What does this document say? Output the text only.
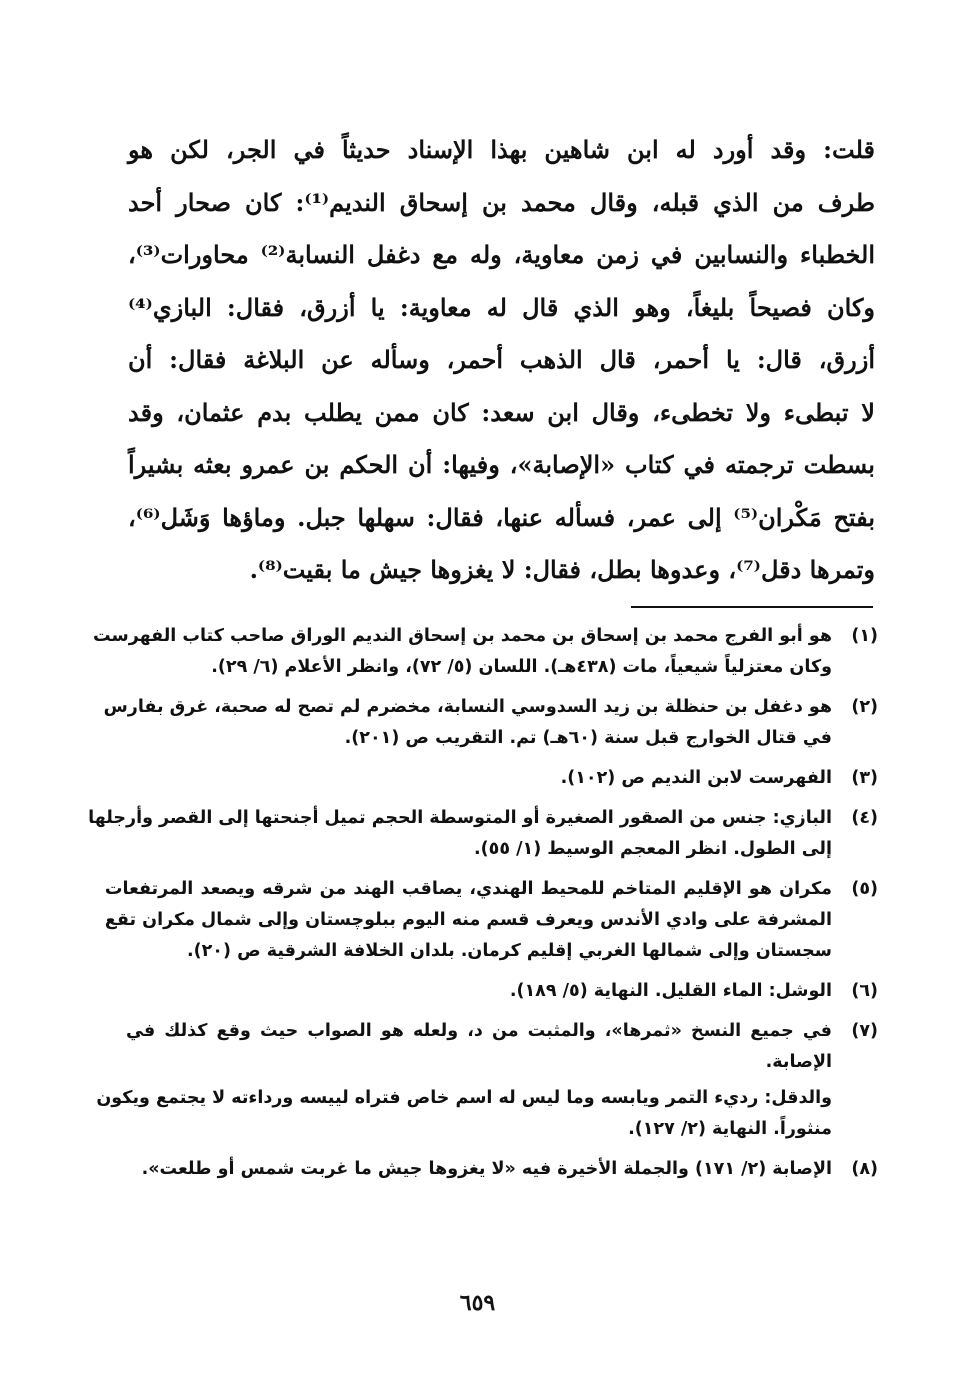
قلت: وقد أورد له ابن شاهين بهذا الإسناد حديثاً في الجر، لكن هو
طرف من الذي قبله، وقال محمد بن إسحاق النديم⁽¹⁾: كان صحار أحد
الخطباء والنسابين في زمن معاوية، وله مع دغفل النسابة⁽²⁾ محاورات⁽³⁾،
وكان فصيحاً بليغاً، وهو الذي قال له معاوية: يا أزرق، فقال: البازي⁽⁴⁾
أزرق، قال: يا أحمر، قال الذهب أحمر، وسأله عن البلاغة فقال: أن
لا تبطىء ولا تخطىء، وقال ابن سعد: كان ممن يطلب بدم عثمان، وقد
بسطت ترجمته في كتاب «الإصابة»، وفيها: أن الحكم بن عمرو بعثه بشيراً
بفتح مَكْران⁽⁵⁾ إلى عمر، فسأله عنها، فقال: سهلها جبل. وماؤها وَشَل⁽⁶⁾،
وتمرها دقل⁽⁷⁾، وعدوها بطل، فقال: لا يغزوها جيش ما بقيت⁽⁸⁾.
(١)
هو أبو الفرج محمد بن إسحاق بن محمد بن إسحاق النديم الوراق صاحب كتاب الفهرست
وكان معتزلياً شيعياً، مات (٤٣٨هـ). اللسان (٥/ ٧٢)، وانظر الأعلام (٦/ ٢٩).
(٢)
هو دغفل بن حنظلة بن زيد السدوسي النسابة، مخضرم لم تصح له صحبة، غرق بفارس
في قتال الخوارج قبل سنة (٦٠هـ) تم. التقريب ص (٢٠١).
(٣)
الفهرست لابن النديم ص (١٠٢).
(٤)
البازي: جنس من الصقور الصغيرة أو المتوسطة الحجم تميل أجنحتها إلى القصر وأرجلها
إلى الطول. انظر المعجم الوسيط (١/ ٥٥).
(٥)
مكران هو الإقليم المتاخم للمحيط الهندي، يصاقب الهند من شرقه ويصعد المرتفعات
المشرفة على وادي الأندس ويعرف قسم منه اليوم ببلوچستان وإلى شمال مكران تقع
سجستان وإلى شمالها الغربي إقليم كرمان. بلدان الخلافة الشرقية ص (٢٠).
(٦)
الوشل: الماء القليل. النهاية (٥/ ١٨٩).
(٧)
في جميع النسخ «ثمرها»، والمثبت من د، ولعله هو الصواب حيث وقع كذلك في
الإصابة.
والدقل: رديء التمر ويابسه وما ليس له اسم خاص فتراه لييسه ورداءته لا يجتمع ويكون
منثوراً. النهاية (٢/ ١٢٧).
(٨)
الإصابة (٢/ ١٧١) والجملة الأخيرة فيه «لا يغزوها جيش ما غربت شمس أو طلعت».
٦٥٩
